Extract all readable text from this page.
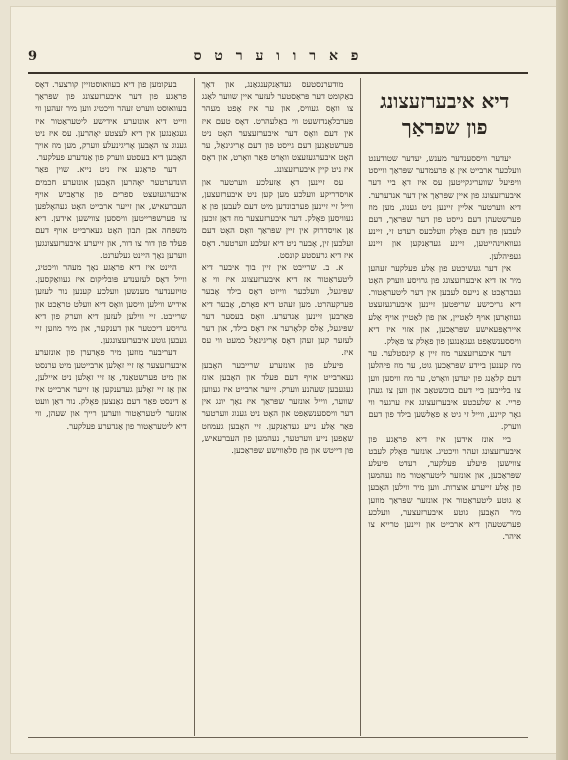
9	פ א ר ו ו ע ר ט ס
דיא איבערזעצונג פון שפראַך

יעדער וויססענדער מענש, יעדער שטודענט וועלכער ארבייט אין אַ פרעמדער שפּראַך ווייסט וויפיעל שוועריגקייטען עס איז דאָ ביי דער איבערזעצונג פון איין שפּראַך אין דער אנדערער. דיא ווערטער אליין זיינען ניט גענוג, מען מוז פערשטעהן דעם גייסט פון דער שפּראַך, דעם לעבען פון דעם פאָלק וועלכעס רעדט זי, זיינע געוואוינהייטען, זיינע געדאַנקען און זיינע געפיהלען.

אין דער געשיכטע פון אַלע פעלקער זעהען מיר אז דיא איבערזעצונג פון גרויסע ווערק האָט געבראַכט אַ נייעס לעבען אין דער ליטעראַטור. דיא גריכישע שריפטען זיינען איבערגעזעצט געוואָרען אויף לאַטיין, און פון לאַטיין אויף אַלע אייראָפּעאישע שפּראַכען, און אזוי איז דיא וויססענשאַפט געגאַנגען פון פאָלק צו פאָלק.

דער איבערזעצער מוז זיין אַ קינסטלער. ער מוז קענען ביידע שפּראַכען גוט, ער מוז פיהלען דעם קלאַנג פון יעדען וואָרט, ער מוז וויסען ווען צו בלייבען ביי דעם בוכשטאַב און ווען צו געהן פריי. א שלעכטע איבערזעצונג איז ערגער ווי גאָר קיינע, ווייל זי גיט אַ פאַלשען בילד פון דעם ווערק.

ביי אונז אידען איז דיא פראַגע פון איבערזעצונג זעהר וויכטיג. אונזער פאָלק לעבט צווישען פיעלע פעלקער, רעדט פיעלע שפּראַכען, און אונזער ליטעראַטור מוז נעהמען פון אַלע זייערע אוצרות. ווען מיר ווילען האָבען אַ גוטע ליטעראַטור אין אונזער שפּראַך מוזען מיר האָבען גוטע איבערזעצער, וועלכע פערשטעהן דיא ארבייט און זיינען טרייא צו איהר.

מודערנסטעס געדאַנקענגאַנג, און דאָך באַקומט דער פּראַסטער לעזער איין שווער לאַנג צו וואָס געוויס, און ער איז אָפט מעהר פערבלאָנדזשעט ווי באַלעהרט. דאָס טעם איז אין דעם וואָס דער איבערזעצער האָט ניט פערשטאַנען דעם גייסט פון דעם אָריגינאַל, ער האָט איבערגעזעצט וואָרט פאַר וואָרט, און דאָס איז ניט קיין איבערזעצונג.

עס זיינען דאָ אַזעלכע ווערטער און אויסדריקע וועלכע מען קען ניט איבערזעצען, ווייל זיי זיינען פערבונדען מיט דעם לעבען פון אַ געוויסען פאָלק. דער איבערזעצער מוז דאַן זוכען אַן אויסדרוק אין זיין שפּראַך וואָס האָט דעם זעלבען זין, אָבער ניט דיא זעלבע ווערטער. דאָס איז דיא גרעסטע קונסט.

א. ב. שרייבט אין זיין בוך איבער דיא ליטעראַטור אז דיא איבערזעצונג איז ווי אַ שפּיגעל, וועלכער ווייזט דאָס בילד אָבער פערקעהרט. מען זעהט דיא פאָרם, אָבער דיא פאַרבען זיינען אַנדערע. וואָס בעסער דער שפּיגעל, אַלס קלאָרער איז דאָס בילד, און דער לעזער קען זעהן דאָס אָריגינאַל כמעט ווי עס איז.

פיעלע פון אונזערע שרייבער האָבען געארבייט אויף דעם פעלד און האָבען אונז געגעבען שעהנע ווערק. זייער ארבייט איז געווען שווער, ווייל אונזער שפּראַך איז נאָך יונג אין דער וויססענשאַפט און האָט ניט גענוג ווערטער פאַר אַלע נייע געדאַנקען. זיי האָבען געמוזט שאַפען נייע ווערטער, נעהמען פון העברעאיש, פון דייטש און פון סלאַווישע שפּראַכען.

בעקומען פון דיא בעוואוסטזיין קורצער. דאָס פראַגע פון דער איבערזעצונג פון שפּראַך בעוואוסט ווערט זעהר וויכטיג ווען מיר זעהען ווי ווייט דיא אונזערע אידישע ליטעראַטור איז געגאַנגען אין דיא לעצטע יאָהרען. עס איז ניט גענוג צו האָבען אָריגינעלע ווערק, מען מוז אויך האָבען דיא בעסטע ווערק פון אַנדערע פעלקער.

דער פראַגע איז ניט נייא. שוין פאַר הונדערטער יאָהרען האָבען אונזערע חכמים איבערגעזעצט ספרים פון אַראַביש אויף העברעאיש, און זייער ארבייט האָט געהאָלפען צו פערשפּרייטען וויססען צווישען אידען. דיא משפּחה אבן תבון האָט געארבייט אויף דעם פעלד פון דור צו דור, און זייערע איבערזעצונגען ווערען נאָך היינט געלערנט.

היינט איז דיא פראַגע נאָך מעהר וויכטיג, ווייל דאָס לעזענדע פּובליקום איז געוואַקסען. טויזענדער מענשען וועלכע קענען נור לעזען אידיש ווילען וויסען וואָס דיא וועלט טראַכט און שרייבט. זיי ווילען לעזען דיא ווערק פון דיא גרויסע דיכטער און דענקער, און מיר מוזען זיי געבען גוטע איבערזעצונגען.

דעריבער מוזען מיר פאָדערן פון אונזערע איבערזעצער אַז זיי זאָלען ארבייטען מיט ערנסט און מיט פערשטאַנד, אַז זיי זאָלען ניט איילען, און אַז זיי זאָלען געדענקען אַז זייער ארבייט איז אַ דינסט פאַר דעם גאַנצען פאָלק. נור דאַן וועט אונזער ליטעראַטור ווערען רייך און שעהן, ווי דיא ליטעראַטור פון אַנדערע פעלקער.
